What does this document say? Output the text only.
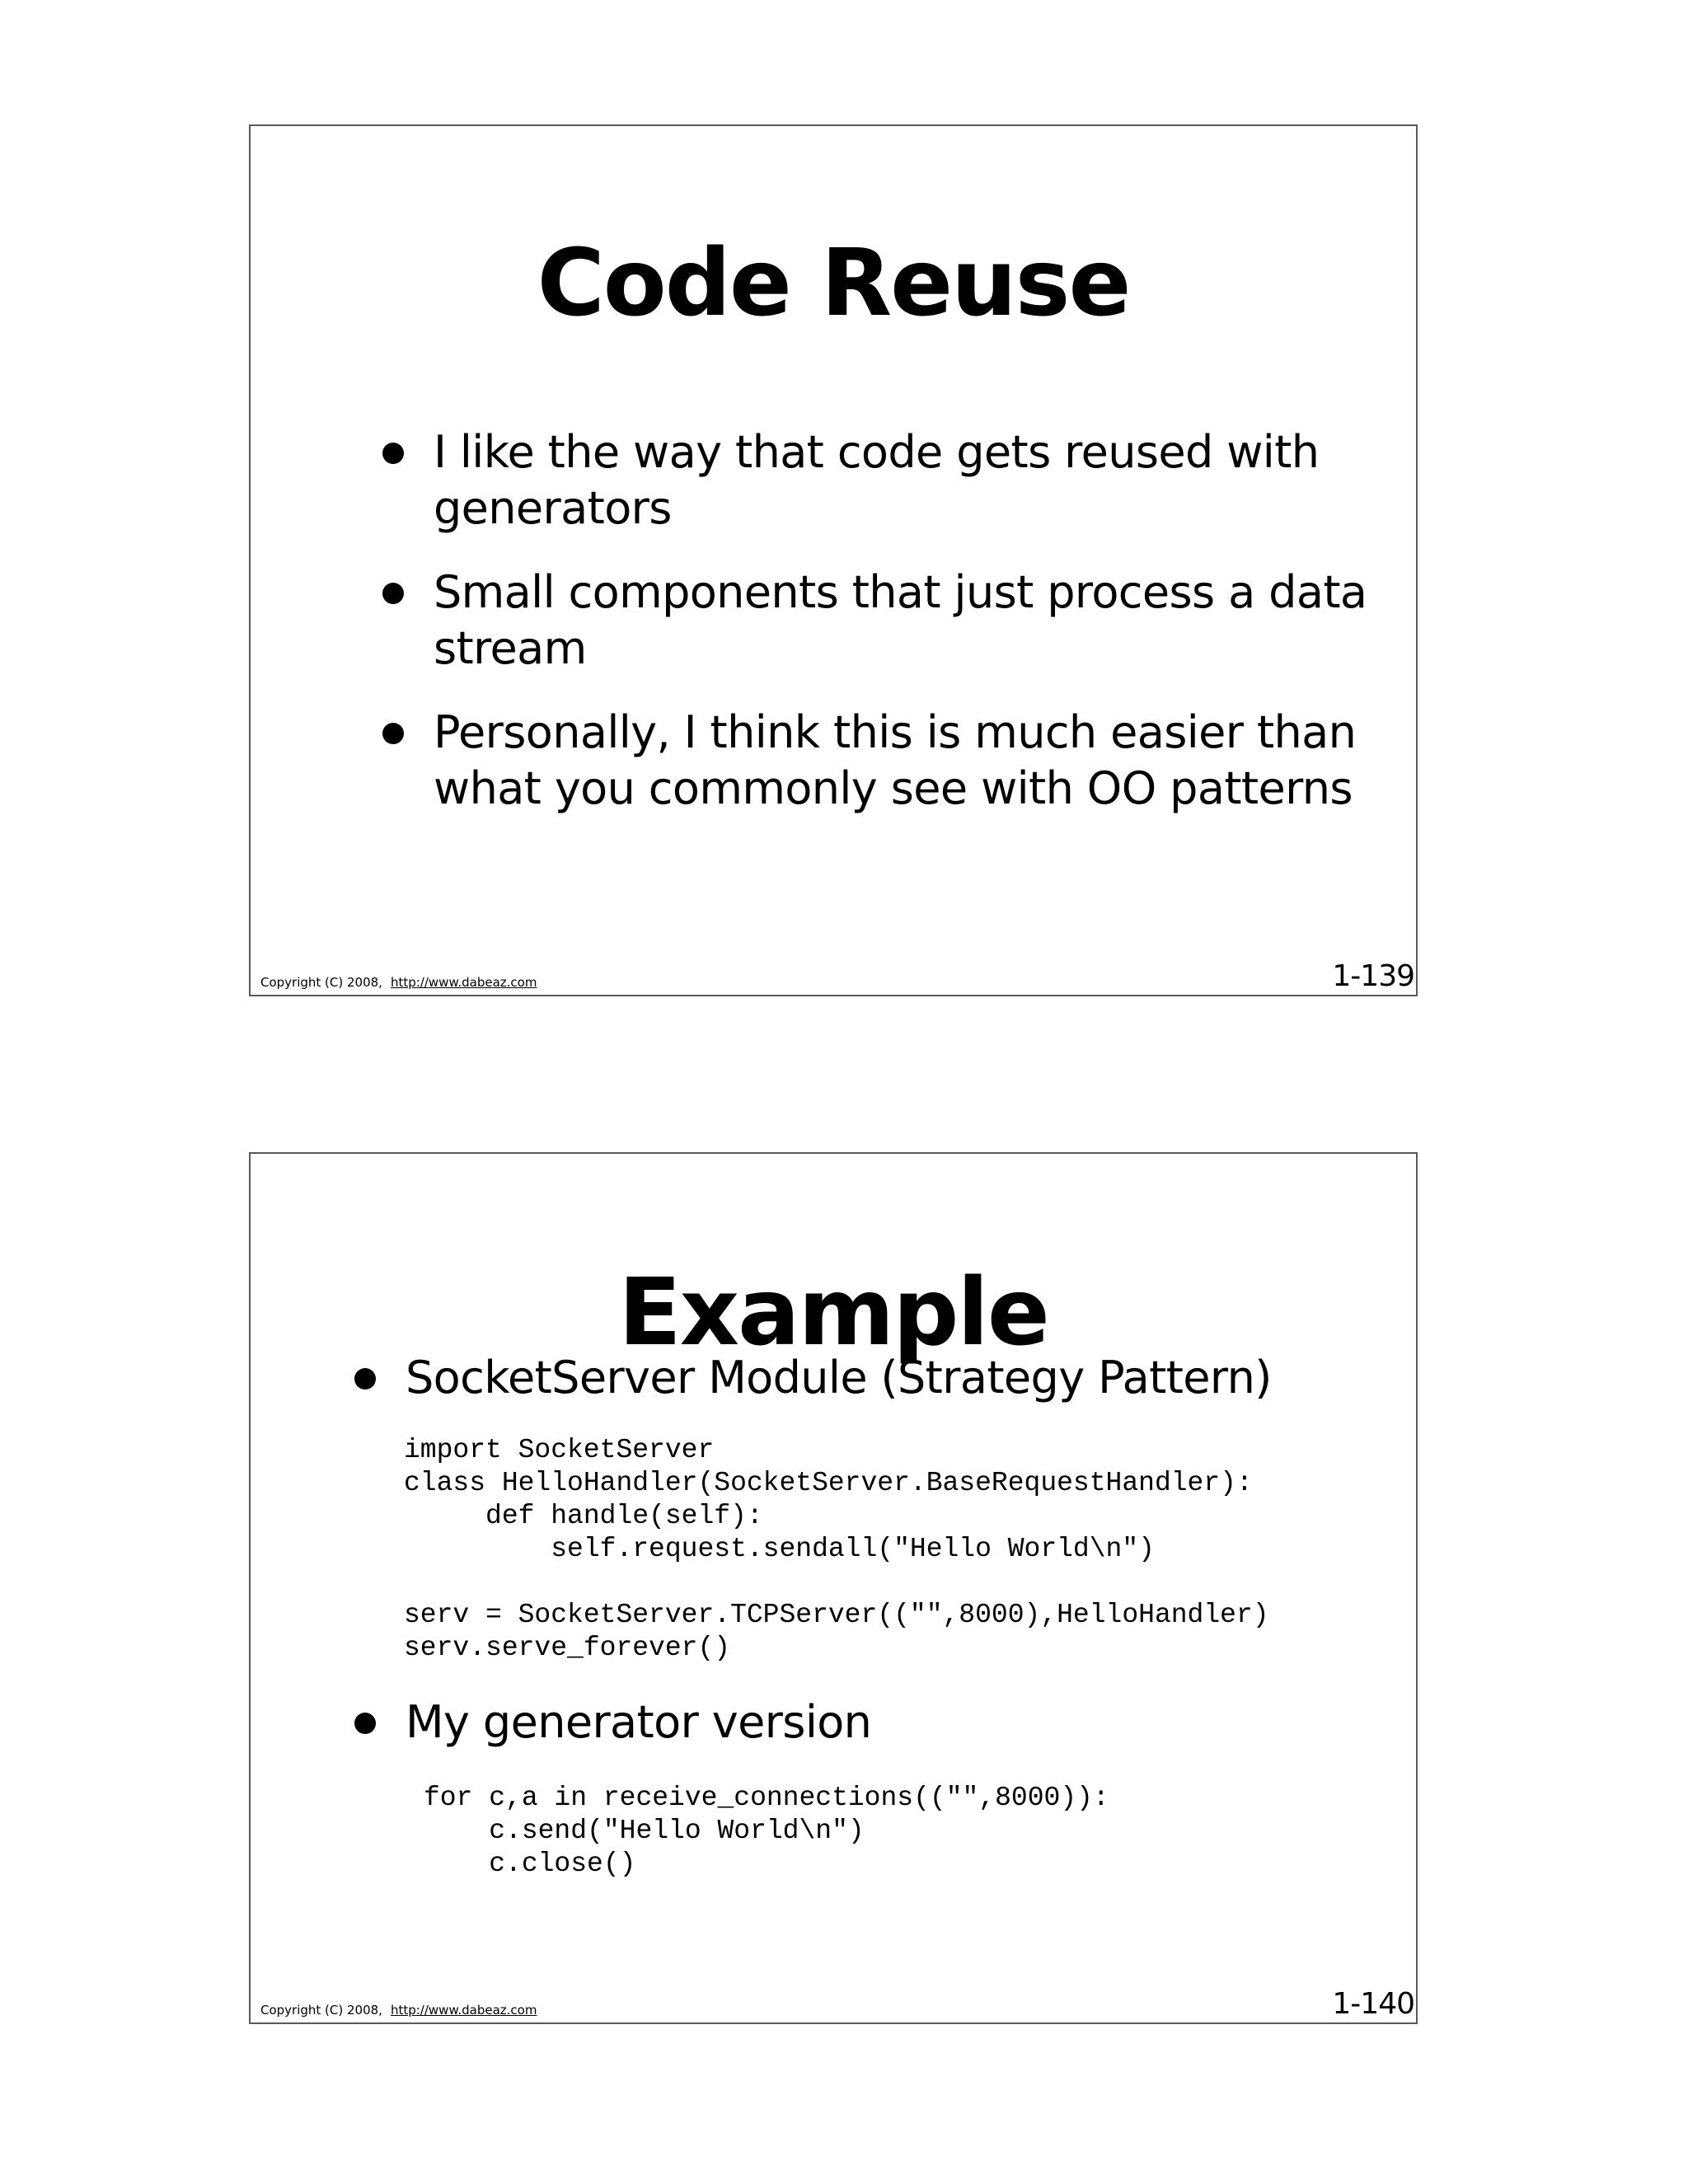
Code Reuse
I like the way that code gets reused with generators
Small components that just process a data stream
Personally, I think this is much easier than what you commonly see with OO patterns
Copyright (C) 2008, http://www.dabeaz.com	1-139
Example
SocketServer Module (Strategy Pattern)
import SocketServer
class HelloHandler(SocketServer.BaseRequestHandler):
def handle(self):
self.request.sendall("Hello World\n")

serv = SocketServer.TCPServer(("",8000),HelloHandler)
serv.serve_forever()
My generator version
for c,a in receive_connections(("",8000)):
c.send("Hello World\n")
c.close()
Copyright (C) 2008, http://www.dabeaz.com	1-140
